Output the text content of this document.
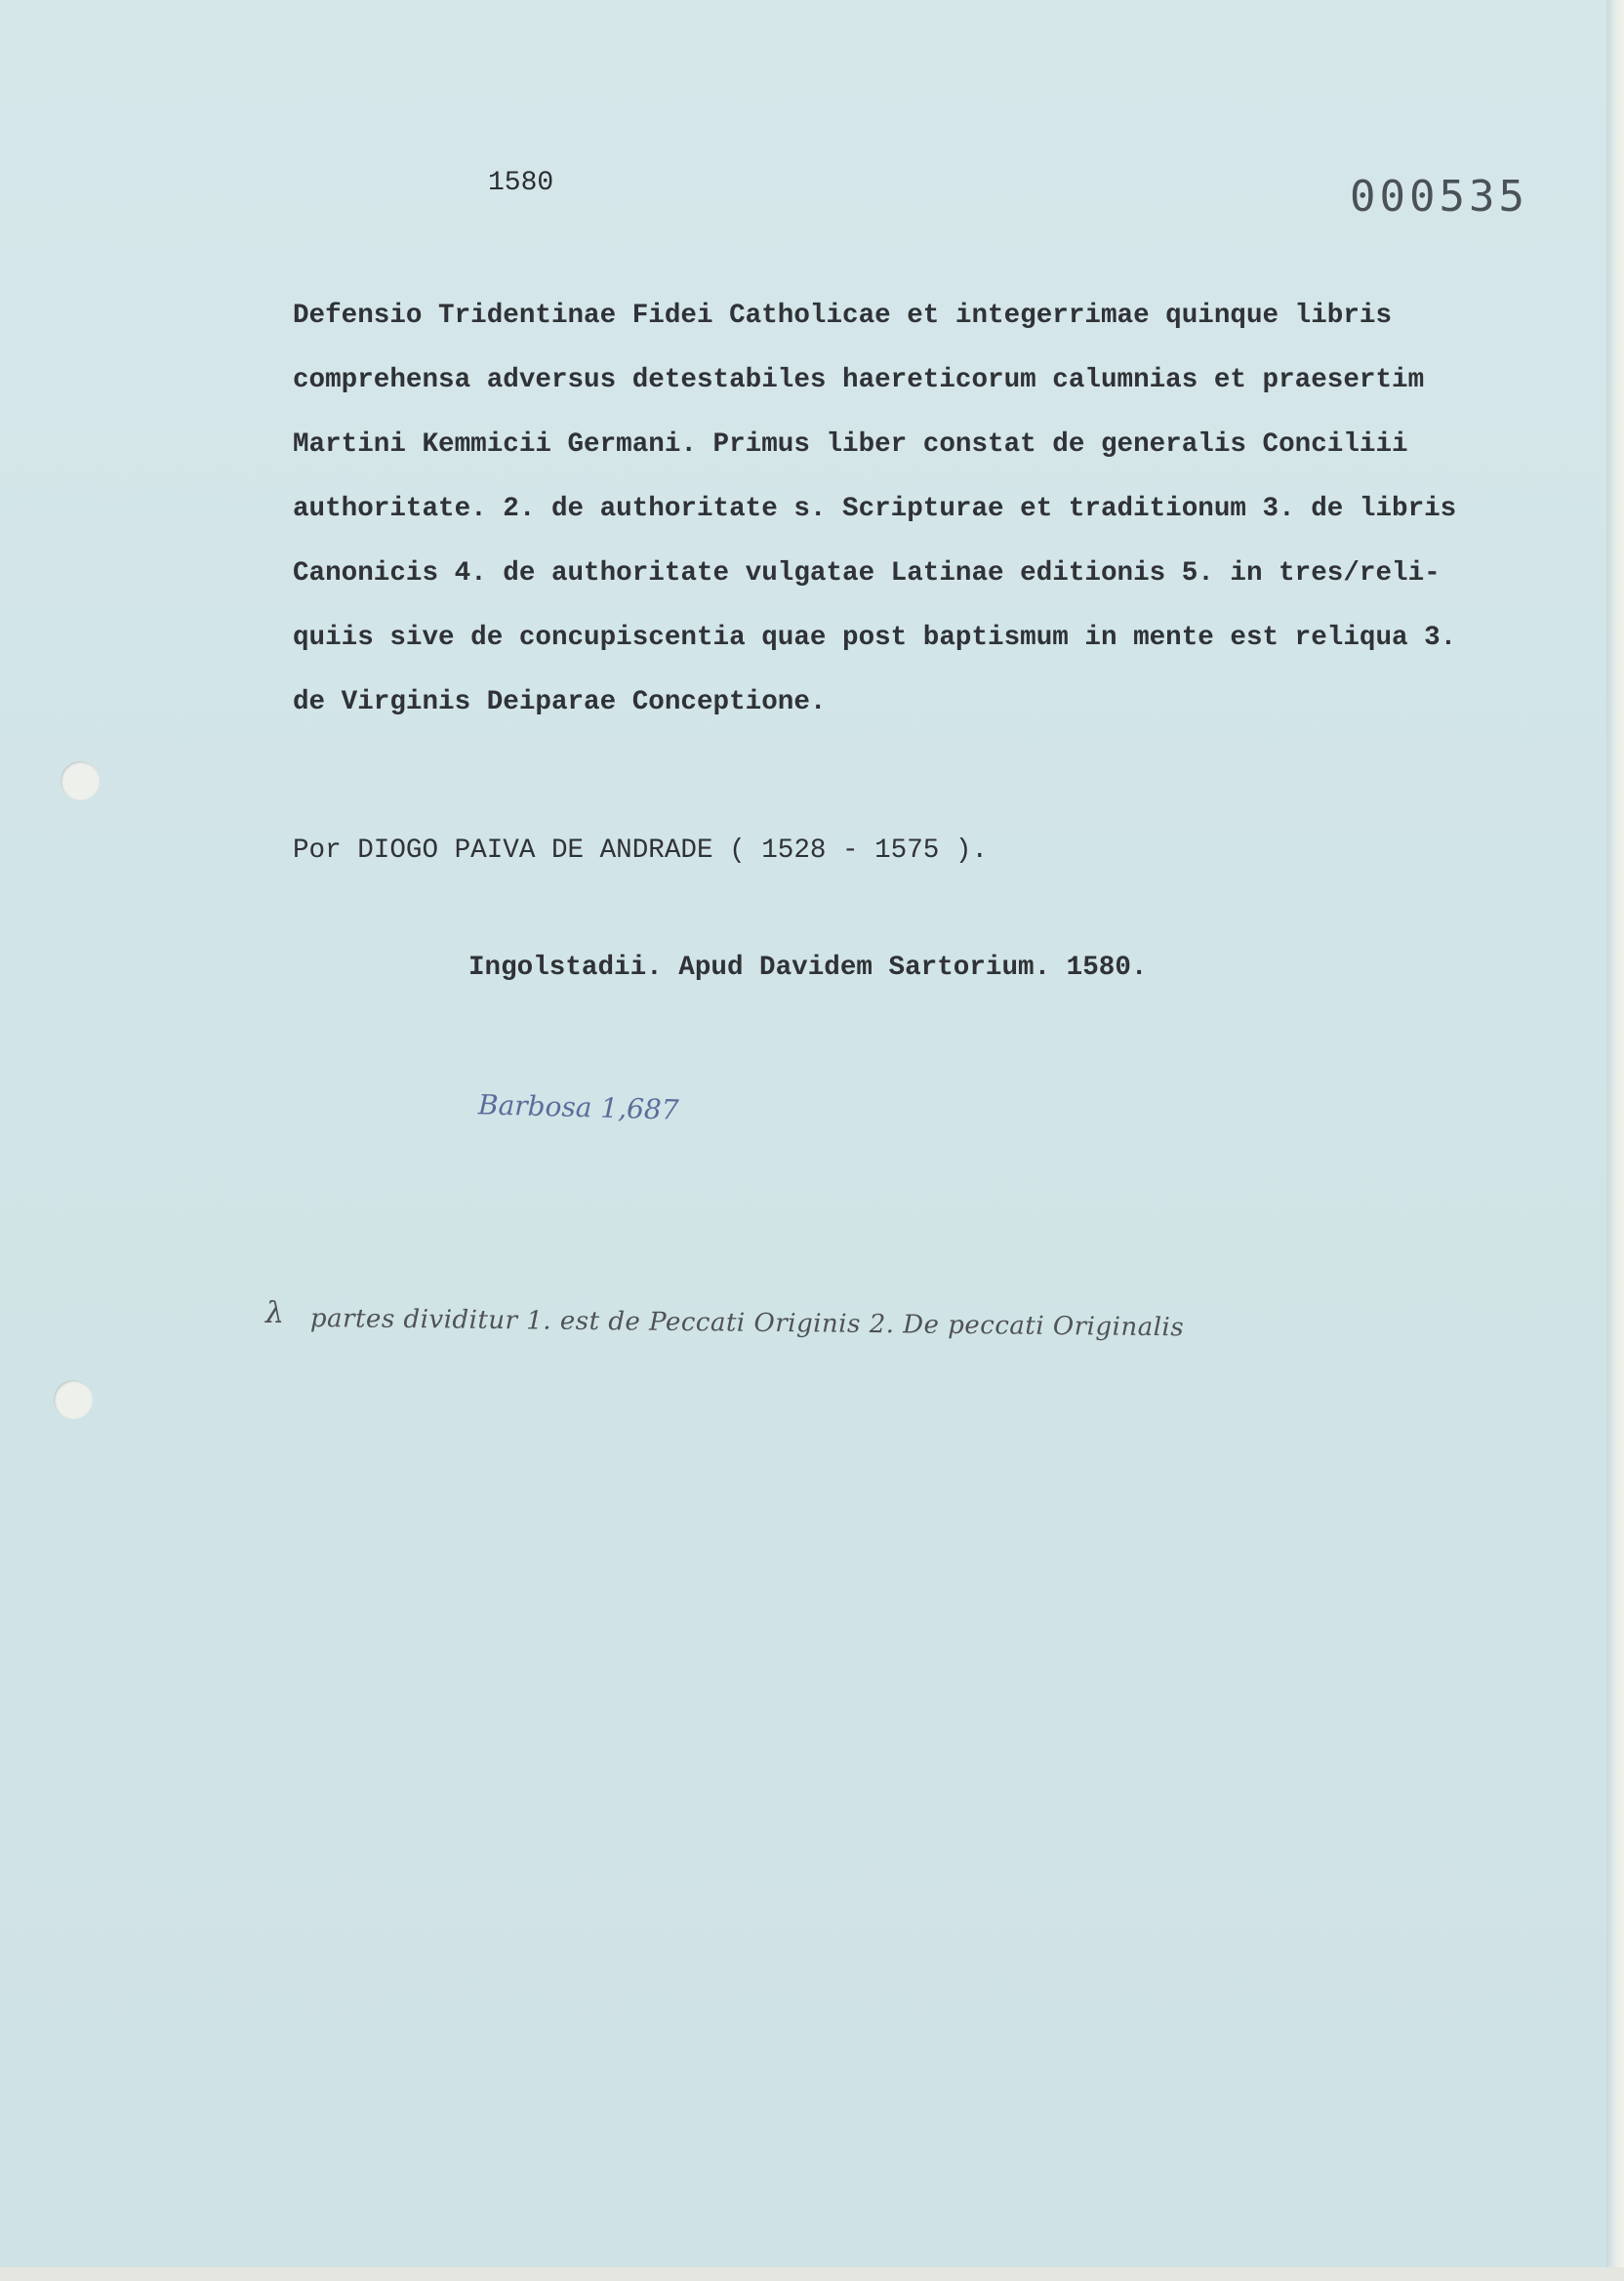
1580	000535
Defensio Tridentinae Fidei Catholicae et integerrimae quinque libris
comprehensa adversus detestabiles haereticorum calumnias et praesertim
Martini Kemmicii Germani. Primus liber constat de generalis Conciliii
authoritate. 2. de authoritate s. Scripturae et traditionum 3. de libris
Canonicis 4. de authoritate vulgatae Latinae editionis 5. in tres/reli-
quiis sive de concupiscentia quae post baptismum in mente est reliqua 3.
de Virginis Deiparae Conceptione.
Por DIOGO PAIVA DE ANDRADE ( 1528 - 1575 ).
Ingolstadii. Apud Davidem Sartorium. 1580.
Barbosa 1,687
λ partes dividitur 1. est de Peccati Originis 2. De peccati Originalis
